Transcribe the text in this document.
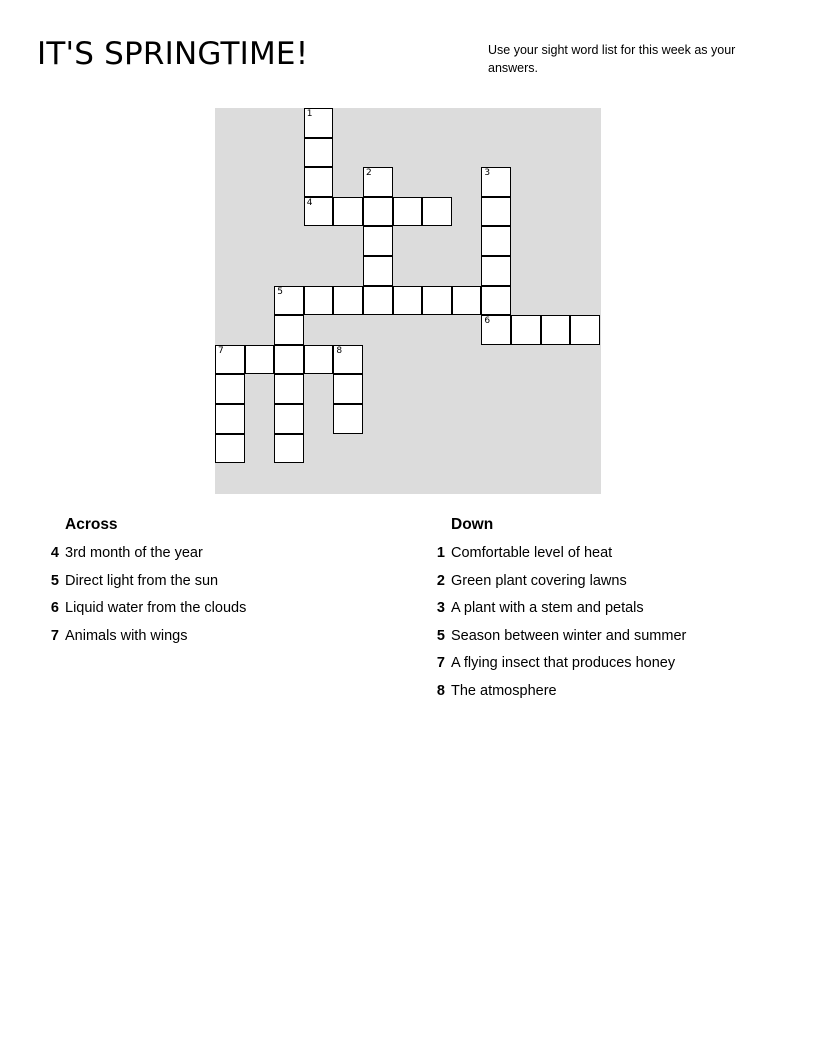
IT'S SPRINGTIME!	Use your sight word list for this week as your answers.
1
4
2	3
6
5
7	8
Across
4 3rd month of the year
5 Direct light from the sun
6 Liquid water from the clouds
7 Animals with wings
Down
1 Comfortable level of heat
2 Green plant covering lawns
3 A plant with a stem and petals
5 Season between winter and summer
7 A flying insect that produces honey
8 The atmosphere
